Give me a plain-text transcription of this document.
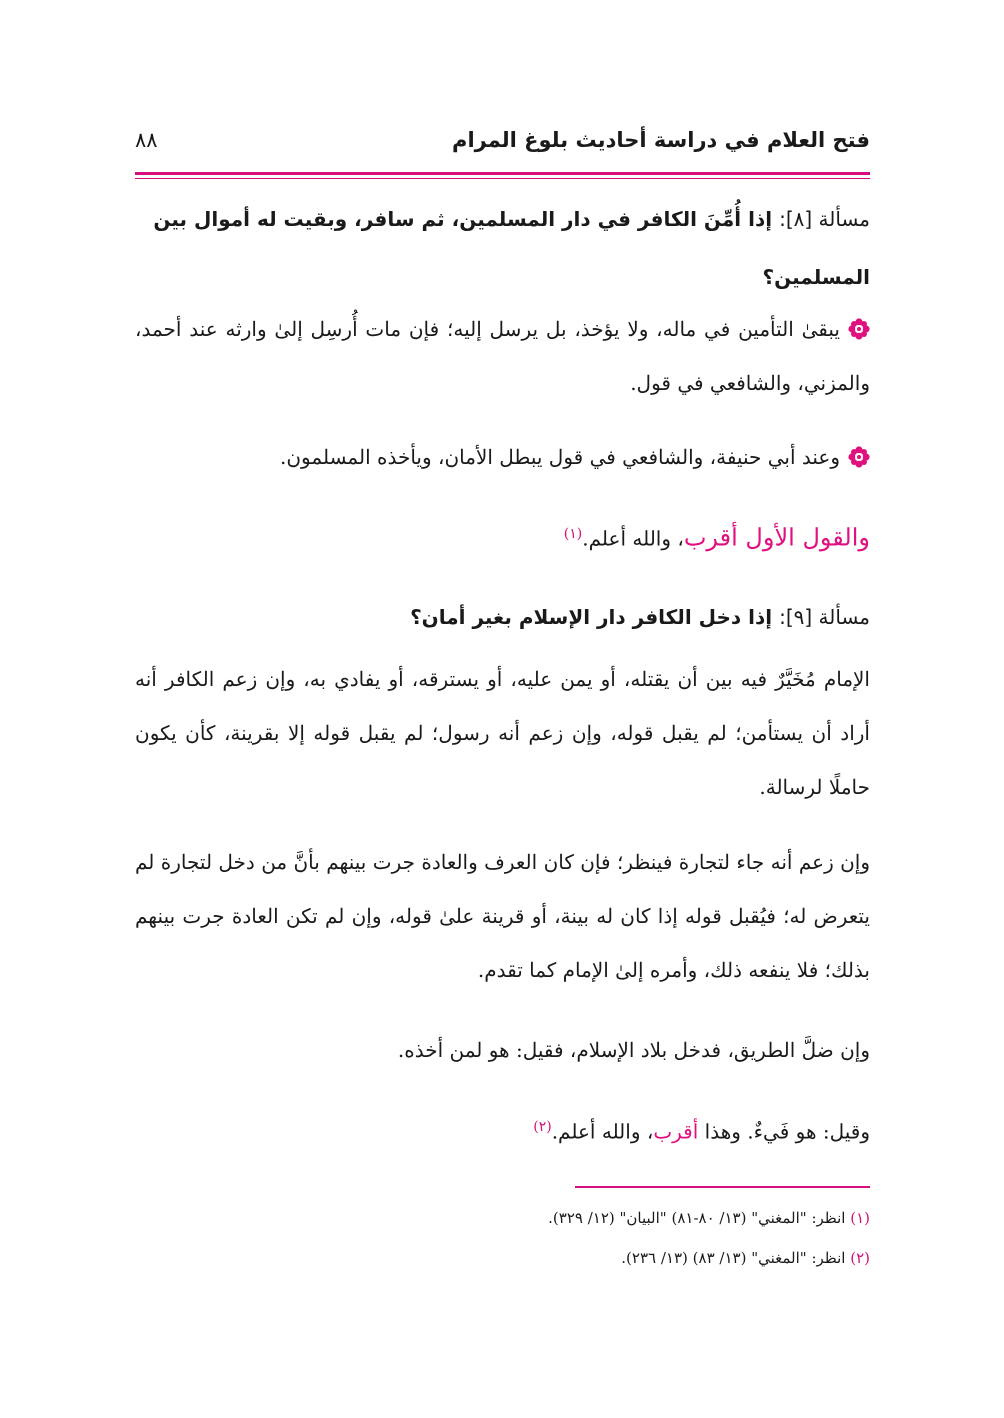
فتح العلام في دراسة أحاديث بلوغ المرام
٨٨
مسألة [٨]: إذا أُمِّنَ الكافر في دار المسلمين، ثم سافر، وبقيت له أموال بين المسلمين؟
يبقىٰ التأمين في ماله، ولا يؤخذ، بل يرسل إليه؛ فإن مات أُرسِل إلىٰ وارثه عند أحمد، والمزني، والشافعي في قول.
وعند أبي حنيفة، والشافعي في قول يبطل الأمان، ويأخذه المسلمون.
والقول الأول أقرب، والله أعلم.$^{(١)}$
مسألة [٩]: إذا دخل الكافر دار الإسلام بغير أمان؟
الإمام مُخَيَّرٌ فيه بين أن يقتله، أو يمن عليه، أو يسترقه، أو يفادي به، وإن زعم الكافر أنه أراد أن يستأمن؛ لم يقبل قوله، وإن زعم أنه رسول؛ لم يقبل قوله إلا بقرينة، كأن يكون حاملًا لرسالة.
وإن زعم أنه جاء لتجارة فينظر؛ فإن كان العرف والعادة جرت بينهم بأنَّ من دخل لتجارة لم يتعرض له؛ فيُقبل قوله إذا كان له بينة، أو قرينة علىٰ قوله، وإن لم تكن العادة جرت بينهم بذلك؛ فلا ينفعه ذلك، وأمره إلىٰ الإمام كما تقدم.
وإن ضلَّ الطريق، فدخل بلاد الإسلام، فقيل: هو لمن أخذه.
وقيل: هو فَيءٌ. وهذا أقرب، والله أعلم.$^{(٢)}$
(١) انظر: "المغني" (١٣/ ٨٠-٨١) "البيان" (١٢/ ٣٢٩).
(٢) انظر: "المغني" (١٣/ ٨٣) (١٣/ ٢٣٦).
